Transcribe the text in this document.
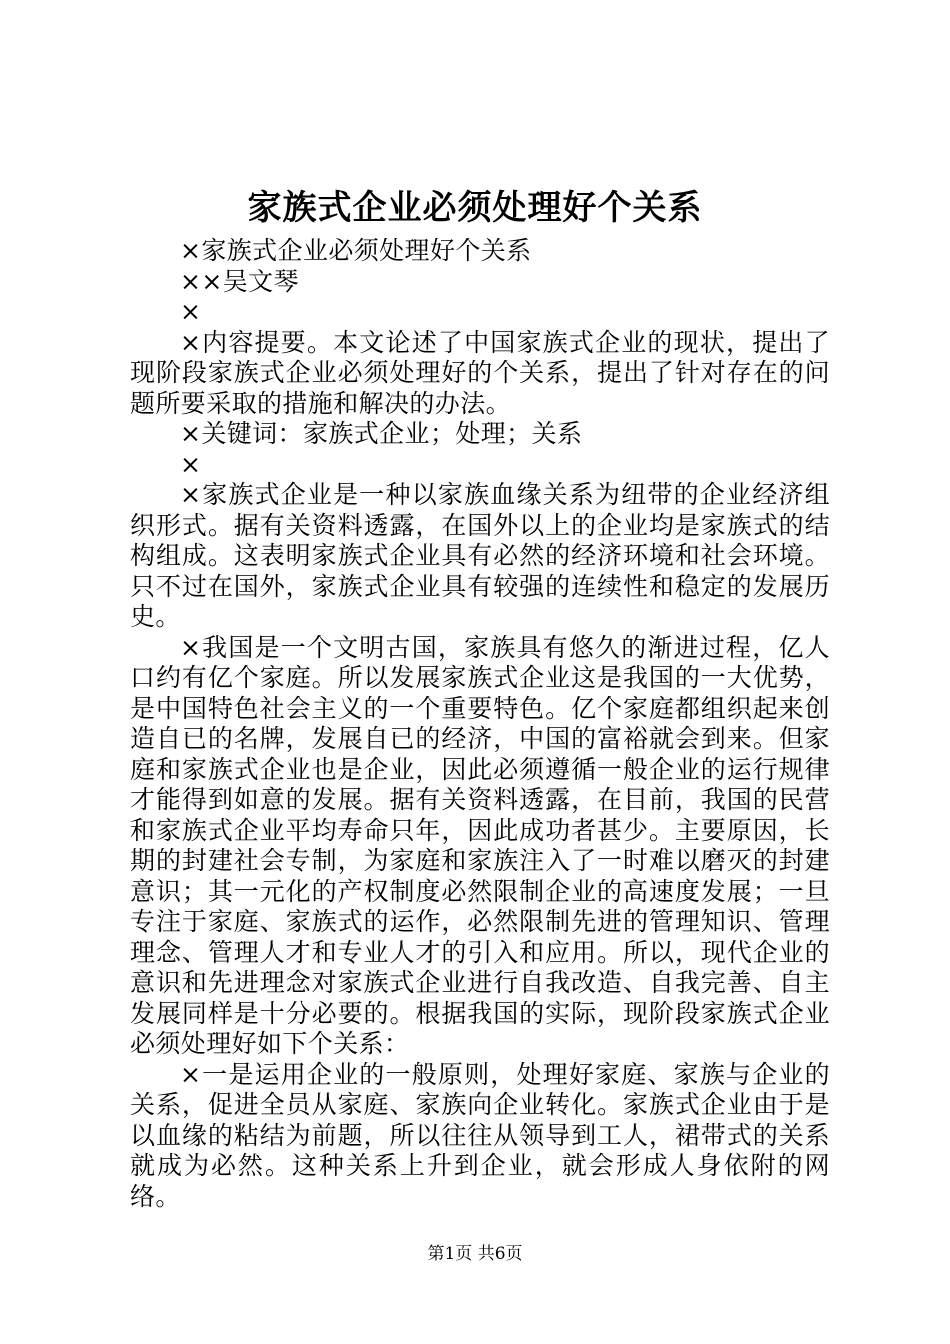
家族式企业必须处理好个关系

×家族式企业必须处理好个关系

××吴文琴

×

×内容提要。本文论述了中国家族式企业的现状，提出了现阶段家族式企业必须处理好的个关系，提出了针对存在的问题所要采取的措施和解决的办法。

×关键词：家族式企业；处理；关系

×

×家族式企业是一种以家族血缘关系为纽带的企业经济组织形式。据有关资料透露，在国外以上的企业均是家族式的结构组成。这表明家族式企业具有必然的经济环境和社会环境。只不过在国外，家族式企业具有较强的连续性和稳定的发展历史。

×我国是一个文明古国，家族具有悠久的渐进过程，亿人口约有亿个家庭。所以发展家族式企业这是我国的一大优势，是中国特色社会主义的一个重要特色。亿个家庭都组织起来创造自已的名牌，发展自已的经济，中国的富裕就会到来。但家庭和家族式企业也是企业，因此必须遵循一般企业的运行规律才能得到如意的发展。据有关资料透露，在目前，我国的民营和家族式企业平均寿命只年，因此成功者甚少。主要原因，长期的封建社会专制，为家庭和家族注入了一时难以磨灭的封建意识；其一元化的产权制度必然限制企业的高速度发展；一旦专注于家庭、家族式的运作，必然限制先进的管理知识、管理理念、管理人才和专业人才的引入和应用。所以，现代企业的意识和先进理念对家族式企业进行自我改造、自我完善、自主发展同样是十分必要的。根据我国的实际，现阶段家族式企业必须处理好如下个关系：

×一是运用企业的一般原则，处理好家庭、家族与企业的关系，促进全员从家庭、家族向企业转化。家族式企业由于是以血缘的粘结为前题，所以往往从领导到工人，裙带式的关系就成为必然。这种关系上升到企业，就会形成人身依附的网络。

第1页 共6页
